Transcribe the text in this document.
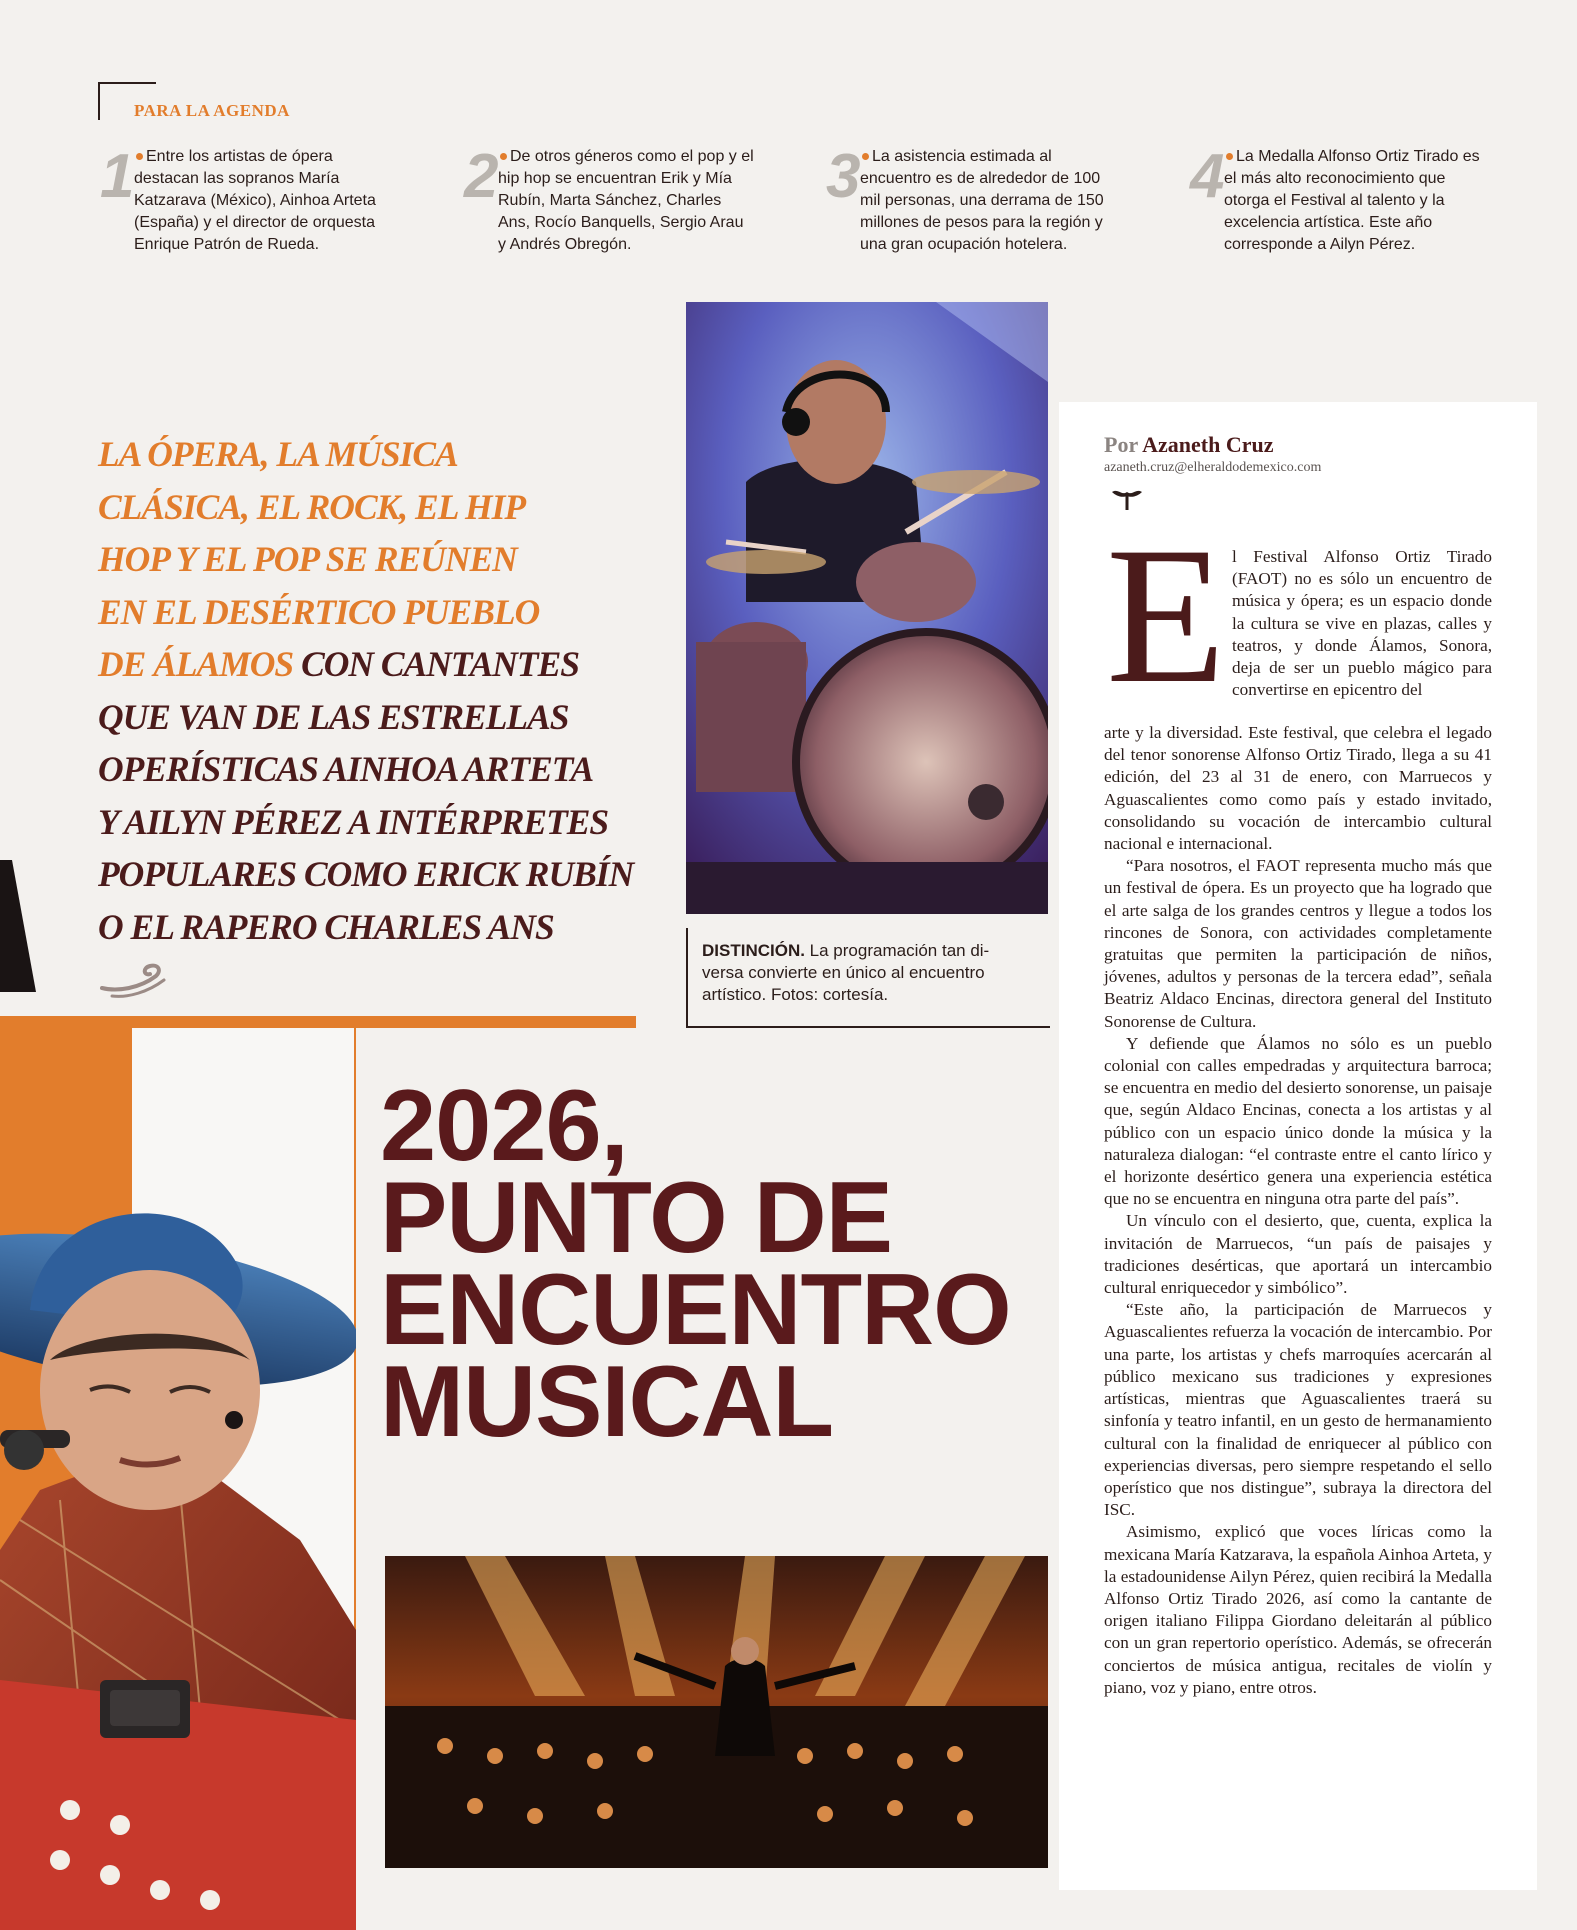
PARA LA AGENDA
1 Entre los artistas de ópera destacan las sopranos María Katzarava (México), Ainhoa Arteta (España) y el director de orquesta Enrique Patrón de Rueda.
2 De otros géneros como el pop y el hip hop se encuentran Erik y Mía Rubín, Marta Sánchez, Charles Ans, Rocío Banquells, Sergio Arau y Andrés Obregón.
3 La asistencia estimada al encuentro es de alrededor de 100 mil personas, una derrama de 150 millones de pesos para la región y una gran ocupación hotelera.
4 La Medalla Alfonso Ortiz Tirado es el más alto reconocimiento que otorga el Festival al talento y la excelencia artística. Este año corresponde a Ailyn Pérez.
LA ÓPERA, LA MÚSICA
CLÁSICA, EL ROCK, EL HIP
HOP Y EL POP SE REÚNEN
EN EL DESÉRTICO PUEBLO
DE ÁLAMOS CON CANTANTES
QUE VAN DE LAS ESTRELLAS
OPERÍSTICAS AINHOA ARTETA
Y AILYN PÉREZ A INTÉRPRETES
POPULARES COMO ERICK RUBÍN
O EL RAPERO CHARLES ANS
DISTINCIÓN. La programación tan di-
versa convierte en único al encuentro
artístico. Fotos: cortesía.
2026,
PUNTO DE
ENCUENTRO
MUSICAL
Por Azaneth Cruz
azaneth.cruz@elheraldodemexico.com
E l Festival Alfonso Ortiz Tirado (FAOT) no es sólo un encuentro de música y ópera; es un espacio donde la cultura se vive en plazas, calles y teatros, y donde Álamos, Sonora, deja de ser un pueblo mágico para convertirse en epicentro del

arte y la diversidad. Este festival, que celebra el legado del tenor sonorense Alfonso Ortiz Tirado, llega a su 41 edición, del 23 al 31 de enero, con Marruecos y Aguascalientes como como país y estado invitado, consolidando su vocación de intercambio cultural nacional e internacional.

“Para nosotros, el FAOT representa mucho más que un festival de ópera. Es un proyecto que ha logrado que el arte salga de los grandes centros y llegue a todos los rincones de Sonora, con actividades completamente gratuitas que permiten la participación de niños, jóvenes, adultos y personas de la tercera edad”, señala Beatriz Aldaco Encinas, directora general del Instituto Sonorense de Cultura.

Y defiende que Álamos no sólo es un pueblo colonial con calles empedradas y arquitectura barroca; se encuentra en medio del desierto sonorense, un paisaje que, según Aldaco Encinas, conecta a los artistas y al público con un espacio único donde la música y la naturaleza dialogan: “el contraste entre el canto lírico y el horizonte desértico genera una experiencia estética que no se encuentra en ninguna otra parte del país”.

Un vínculo con el desierto, que, cuenta, explica la invitación de Marruecos, “un país de paisajes y tradiciones desérticas, que aportará un intercambio cultural enriquecedor y simbólico”.

“Este año, la participación de Marruecos y Aguascalientes refuerza la vocación de intercambio. Por una parte, los artistas y chefs marroquíes acercarán al público mexicano sus tradiciones y expresiones artísticas, mientras que Aguascalientes traerá su sinfonía y teatro infantil, en un gesto de hermanamiento cultural con la finalidad de enriquecer al público con experiencias diversas, pero siempre respetando el sello operístico que nos distingue”, subraya la directora del ISC.

Asimismo, explicó que voces líricas como la mexicana María Katzarava, la española Ainhoa Arteta, y la estadounidense Ailyn Pérez, quien recibirá la Medalla Alfonso Ortiz Tirado 2026, así como la cantante de origen italiano Filippa Giordano deleitarán al público con un gran repertorio operístico. Además, se ofrecerán conciertos de música antigua, recitales de violín y piano, voz y piano, entre otros.
